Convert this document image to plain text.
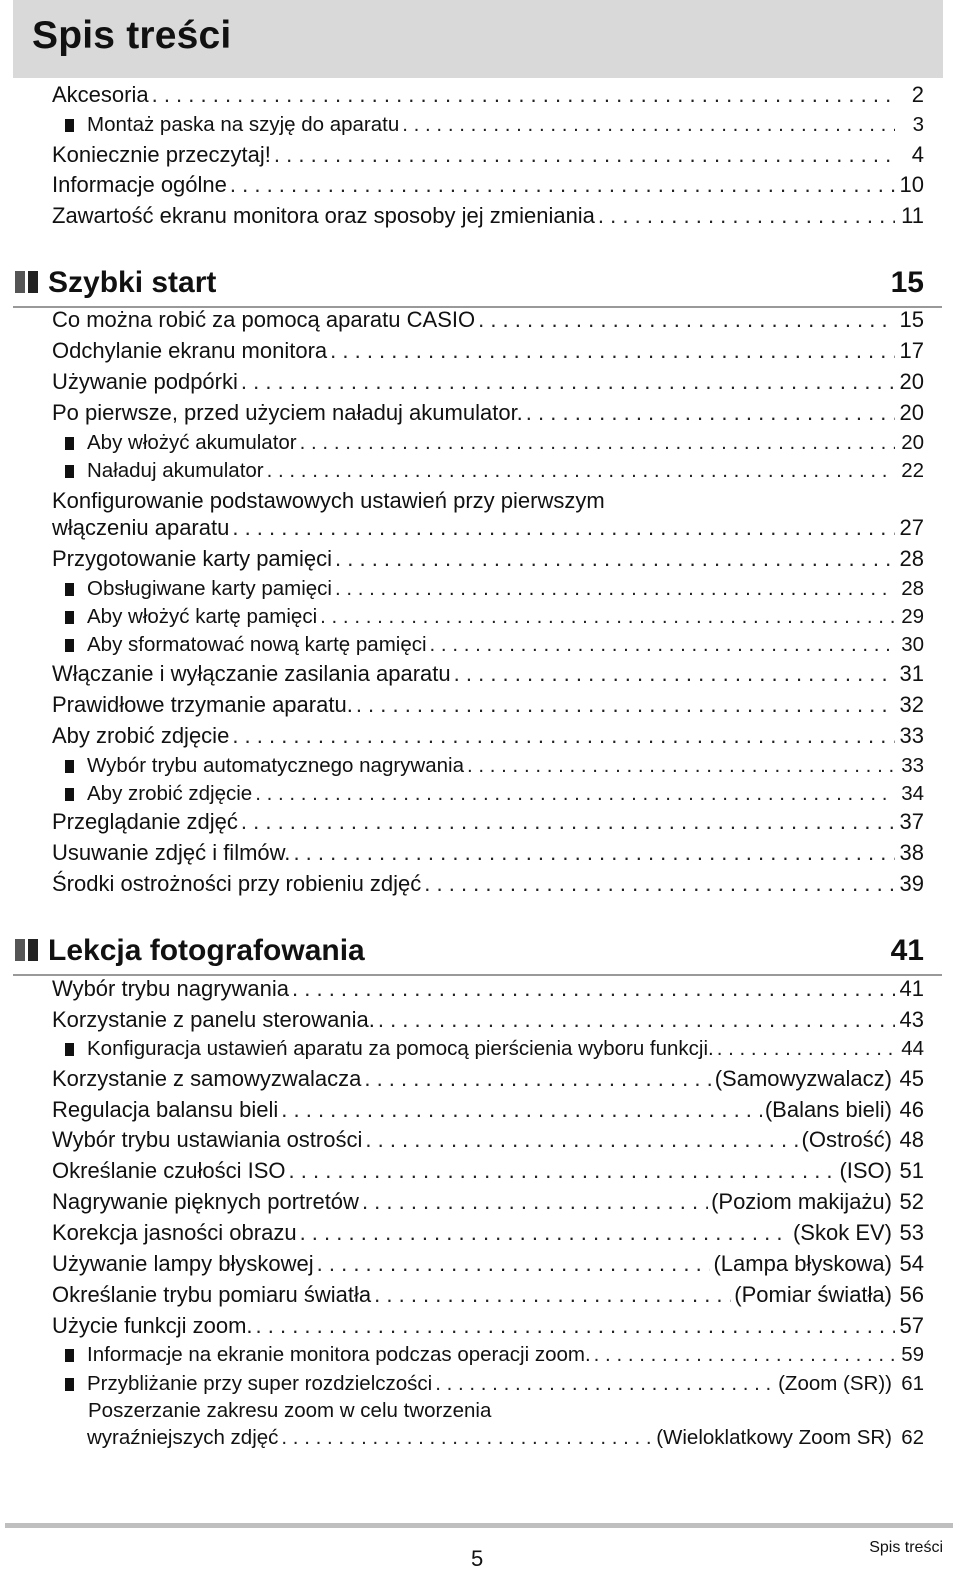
Spis treści
Akcesoria . . .	2
Montaż paska na szyję do aparatu . . .	3
Koniecznie przeczytaj! . . .	4
Informacje ogólne . . .	10
Zawartość ekranu monitora oraz sposoby jej zmieniania . . .	11
Szybki start	15
Co można robić za pomocą aparatu CASIO . . .	15
Odchylanie ekranu monitora . . .	17
Używanie podpórki . . .	20
Po pierwsze, przed użyciem naładuj akumulator. . . .	20
Aby włożyć akumulator . . .	20
Naładuj akumulator . . .	22
Konfigurowanie podstawowych ustawień przy pierwszym
włączeniu aparatu . . .	27
Przygotowanie karty pamięci . . .	28
Obsługiwane karty pamięci . . .	28
Aby włożyć kartę pamięci . . .	29
Aby sformatować nową kartę pamięci . . .	30
Włączanie i wyłączanie zasilania aparatu . . .	31
Prawidłowe trzymanie aparatu. . . .	32
Aby zrobić zdjęcie . . .	33
Wybór trybu automatycznego nagrywania . . .	33
Aby zrobić zdjęcie . . .	34
Przeglądanie zdjęć . . .	37
Usuwanie zdjęć i filmów. . . .	38
Środki ostrożności przy robieniu zdjęć . . .	39
Lekcja fotografowania	41
Wybór trybu nagrywania . . .	41
Korzystanie z panelu sterowania. . . .	43
Konfiguracja ustawień aparatu za pomocą pierścienia wyboru funkcji. . . .	44
Korzystanie z samowyzwalacza . . .	(Samowyzwalacz) 45
Regulacja balansu bieli . . .	(Balans bieli) 46
Wybór trybu ustawiania ostrości . . .	(Ostrość) 48
Określanie czułości ISO . . .	(ISO) 51
Nagrywanie pięknych portretów . . .	(Poziom makijażu) 52
Korekcja jasności obrazu . . .	(Skok EV) 53
Używanie lampy błyskowej . . .	(Lampa błyskowa) 54
Określanie trybu pomiaru światła . . .	(Pomiar światła) 56
Użycie funkcji zoom. . . .	57
Informacje na ekranie monitora podczas operacji zoom. . . .	59
Przybliżanie przy super rozdzielczości . . .	(Zoom (SR)) 61
Poszerzanie zakresu zoom w celu tworzenia
wyraźniejszych zdjęć . . .	(Wieloklatkowy Zoom SR) 62
5	Spis treści
